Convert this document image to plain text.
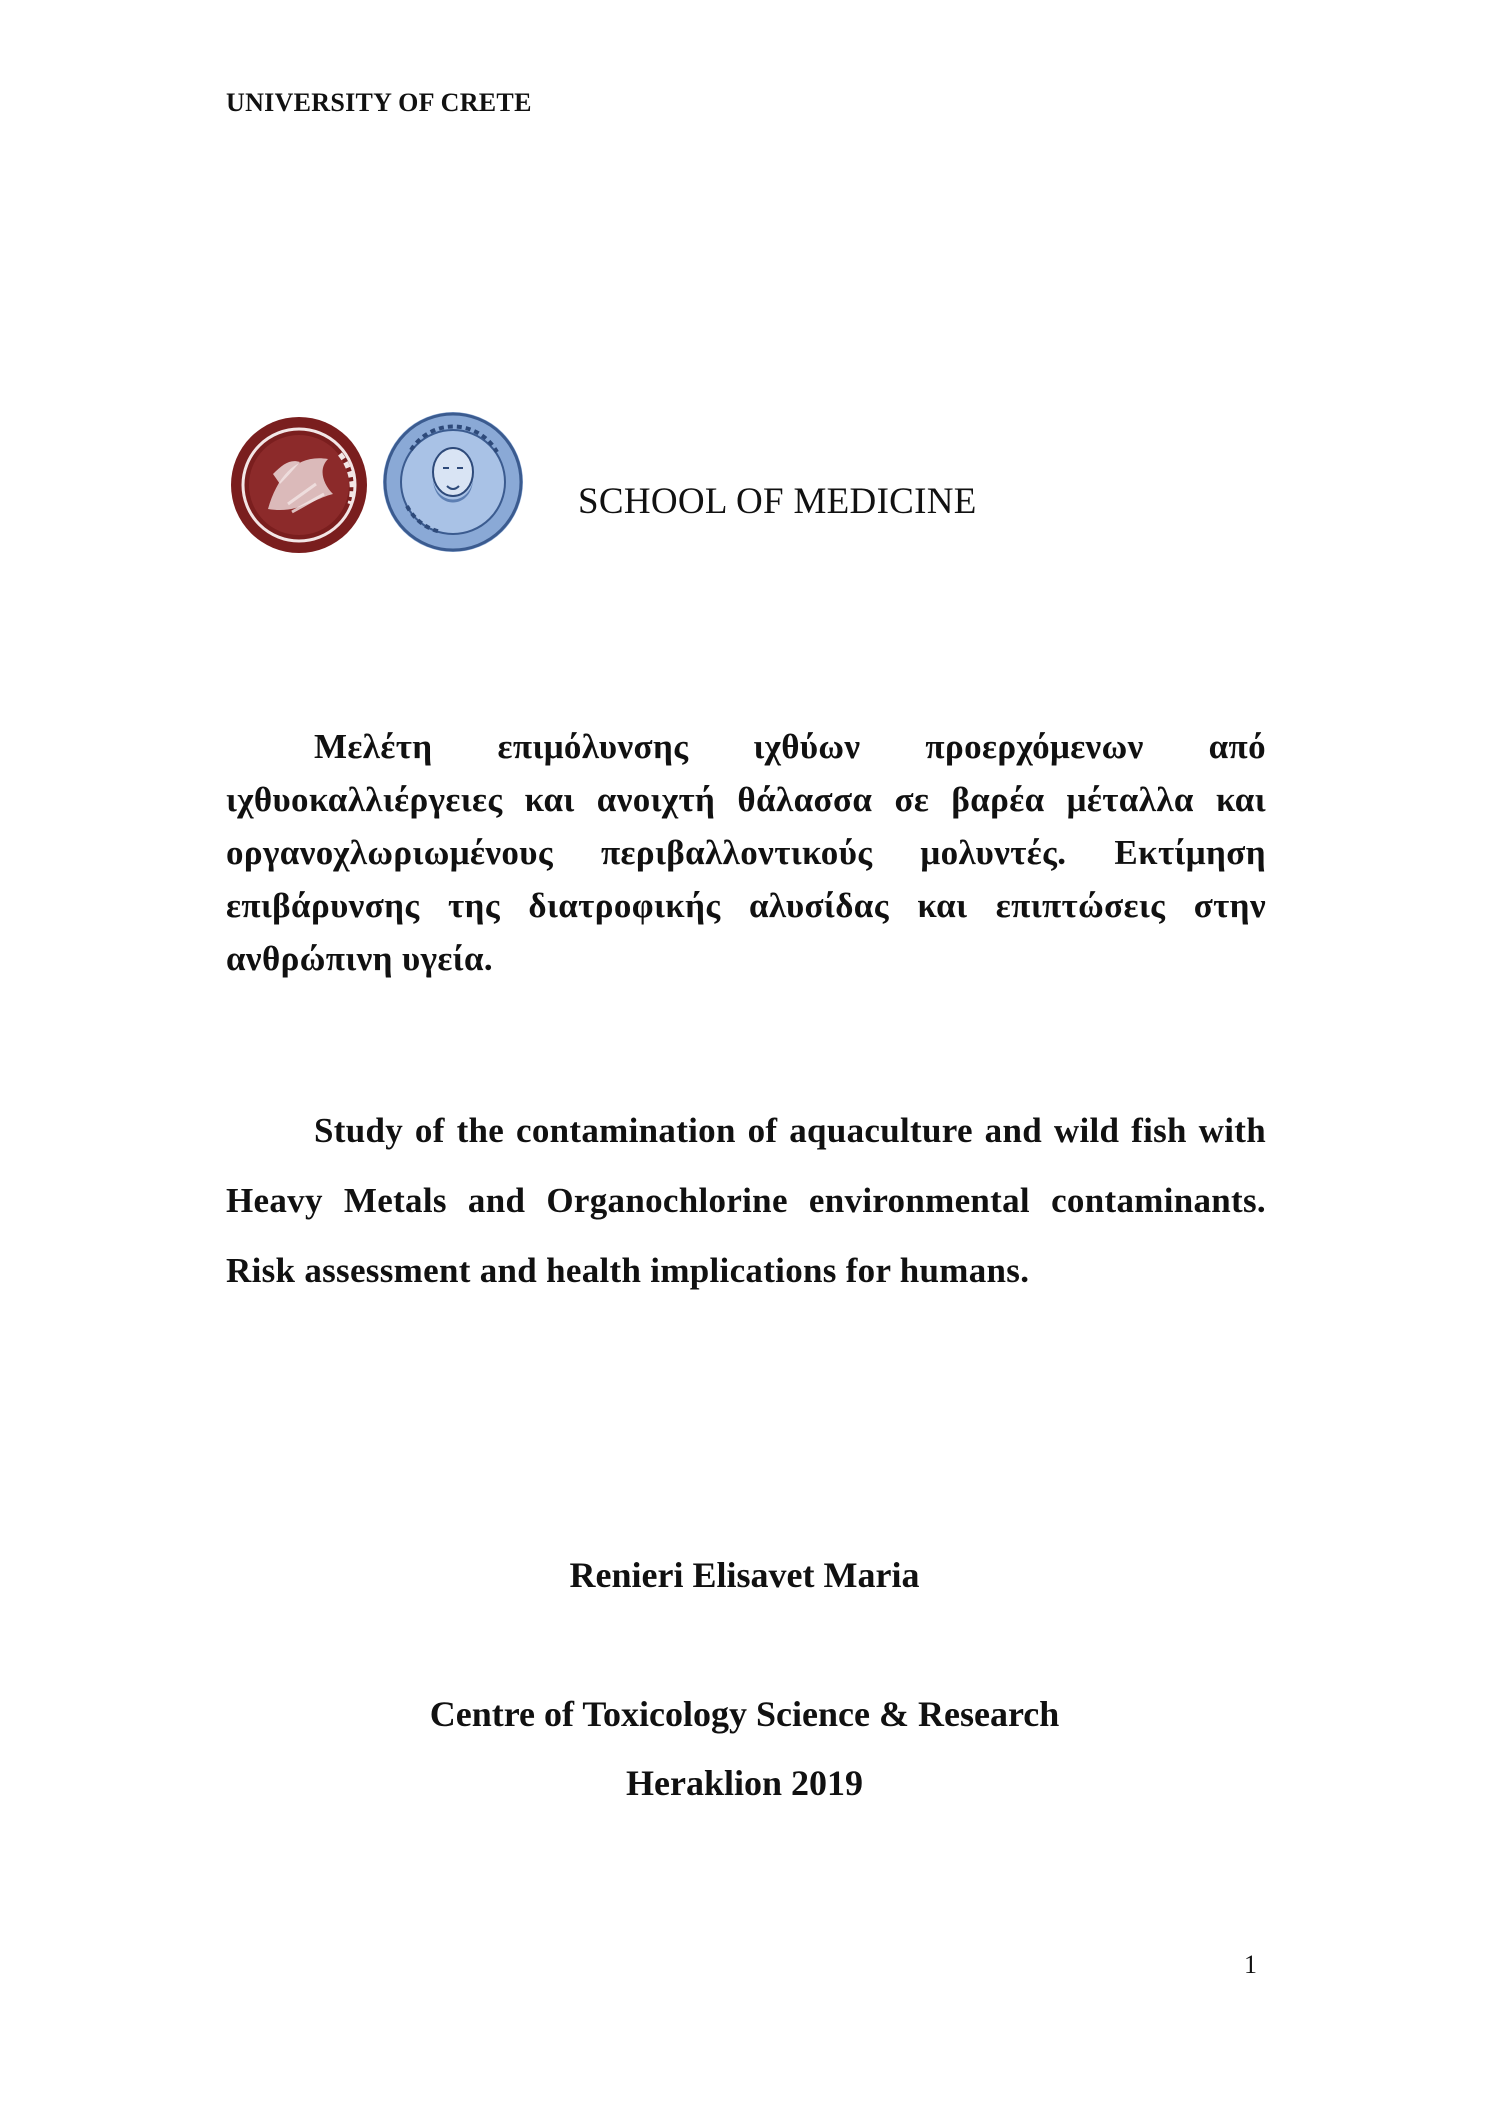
UNIVERSITY OF CRETE
SCHOOL OF MEDICINE
Μελέτη επιμόλυνσης ιχθύων προερχόμενων από ιχθυοκαλλιέργειες και ανοιχτή θάλασσα σε βαρέα μέταλλα και οργανοχλωριωμένους περιβαλλοντικούς μολυντές. Εκτίμηση επιβάρυνσης της διατροφικής αλυσίδας και επιπτώσεις στην ανθρώπινη υγεία.
Study of the contamination of aquaculture and wild fish with Heavy Metals and Organochlorine environmental contaminants. Risk assessment and health implications for humans.
Renieri Elisavet Maria
Centre of Toxicology Science & Research
Heraklion 2019
1
